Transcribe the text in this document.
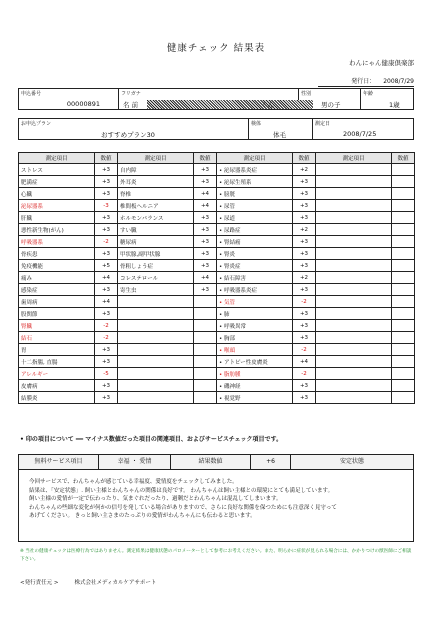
健康チェック 結果表
わんにゃん健康倶楽部
発行日： 2008/7/29
申込番号
00000891
フリガナ
名 前	くん
性別
男の子
年齢
1歳
お申込プラン
おすすめプラン30
検体
体毛
測定日
2008/7/25
測定項目	数値	測定項目	数値	測定項目	数値	測定項目	数値
ストレス	+3	自内障	+3	• 泌尿器系炎症	+2		
肥満症	+3	外耳炎	+3	• 泌尿生殖系	+3		
心臓	+3	脊椎	+4	• 膀胱	+3		
泌尿器系	-3	椎間板ヘルニア	+4	• 尿管	+3		
肝臓	+3	ホルモンバランス	+3	• 尿道	+3		
悪性新生物(がん)	+3	すい臓	+3	• 尿路症	+2		
呼吸器系	-2	糖尿病	+3	• 腎結癌	+3		
骨疾患	+3	甲状腺,副甲状腺	+3	• 腎炎	+3		
免疫機能	+5	骨粗しょう症	+3	• 腎炎症	+3		
痛み	+4	コレステロール	+4	• 結石障害	+2		
感染症	+3	寄生虫	+3	• 呼吸器系炎症	+3		
歯周病	+4			• 気管	-2		
股関節	+3			• 肺	+3		
腎臓	-2			• 呼吸異常	+3		
結石	-2			• 胸部	+3		
胃	+3			• 喉頭	-2		
十二指腸, 直腸	+3			• アトピー性皮膚炎	+4		
アレルギー	-5			• 脂肪腫	-2		
皮膚病	+3			• 磯神経	+3		
結膜炎	+3			• 視覚野	+3		
• 印の項目について ━━ マイナス数値だった項目の関連項目、およびサービスチェック項目です。
無料サービス項目	幸福 ・ 愛情	結果数値	+6	安定状態

今回サービスで、わんちゃんが感じている幸福度、愛情度をチェックしてみました。

結果は、「安定状態」. 飼い主様とわんちゃんの関係は良好です。 わんちゃんは飼い主様との環境にとても満足しています。

飼い主様の愛情が一定で伝わったり、気まぐれだったり、過剰だとわんちゃんは混乱してしまいます。

わんちゃんの些細な変化が何かの信号を発している場合がありますので、さらに良好な関係を保つためにも注意深く見守って

あげてください。 きっと飼い主さまのたっぷりの愛情がわんちゃんにも伝わると思います。

※ 当社の健康チェックは医療行為ではありません。測定結果は健康状態のパロメーターとして参考にお考えください。また、明らかに症状が見られる場合には、かかりつけの獣医師にご相談下さい。
<発行責任元 >	株式会社メディカルケアサポート
